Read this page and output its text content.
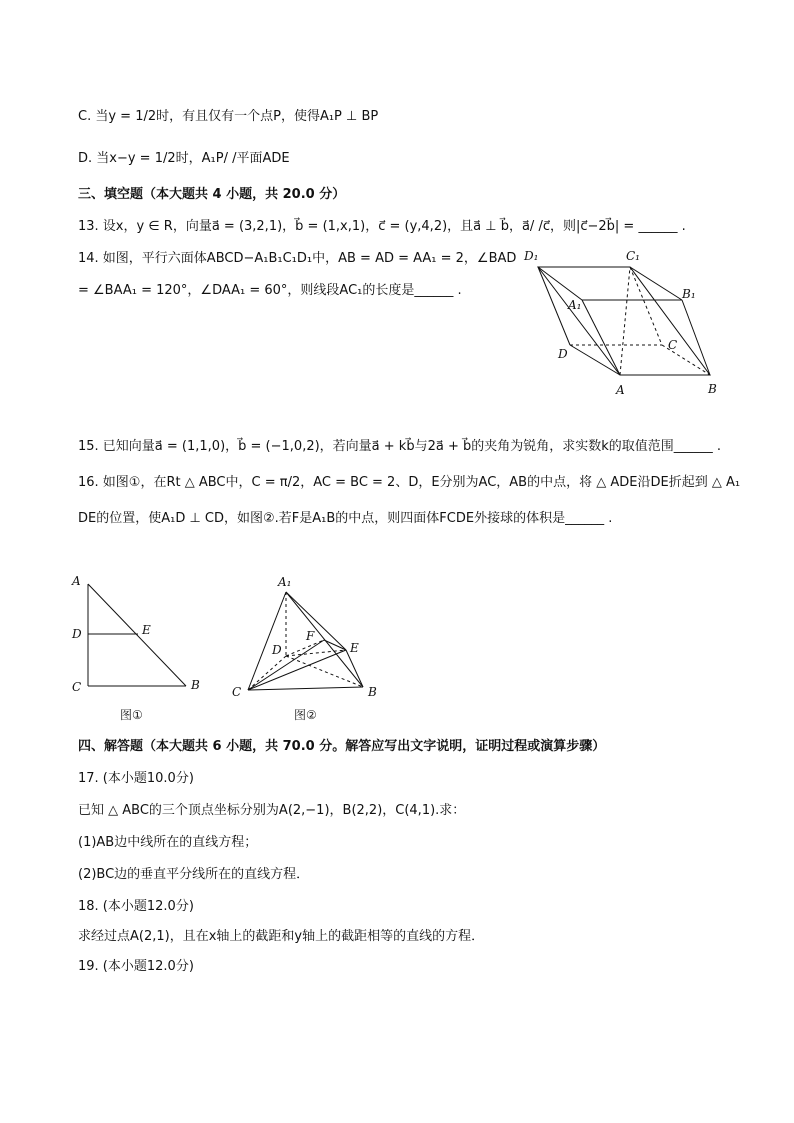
C. 当y = 1/2时，有且仅有一个点P，使得A₁P ⊥ BP
D. 当x−y = 1/2时，A₁P/ /平面ADE
三、填空题（本大题共 4 小题，共 20.0 分）
13. 设x，y ∈ R，向量a⃗ = (3,2,1)，b⃗ = (1,x,1)，c⃗ = (y,4,2)，且a⃗ ⊥ b⃗，a⃗/ /c⃗，则|c⃗−2b⃗| = ______ .
14. 如图，平行六面体ABCD−A₁B₁C₁D₁中，AB = AD = AA₁ = 2，∠BAD
= ∠BAA₁ = 120°，∠DAA₁ = 60°，则线段AC₁的长度是______ .
D₁	C₁
B₁
A₁
D
C
A	B
15. 已知向量a⃗ = (1,1,0)，b⃗ = (−1,0,2)，若向量a⃗ + kb⃗与2a⃗ + b⃗的夹角为锐角，求实数k的取值范围______ .
16. 如图①，在Rt △ ABC中，C = π/2，AC = BC = 2、D，E分别为AC，AB的中点，将 △ ADE沿DE折起到 △ A₁
DE的位置，使A₁D ⊥ CD，如图②.若F是A₁B的中点，则四面体FCDE外接球的体积是______ .
A
D	E
C	B
图①
A₁
F
D	E
C	B
图②
四、解答题（本大题共 6 小题，共 70.0 分。解答应写出文字说明，证明过程或演算步骤）
17. (本小题10.0分)
已知 △ ABC的三个顶点坐标分别为A(2,−1)，B(2,2)，C(4,1).求：
(1)AB边中线所在的直线方程；
(2)BC边的垂直平分线所在的直线方程．
18. (本小题12.0分)
求经过点A(2,1)，且在x轴上的截距和y轴上的截距相等的直线的方程．
19. (本小题12.0分)
